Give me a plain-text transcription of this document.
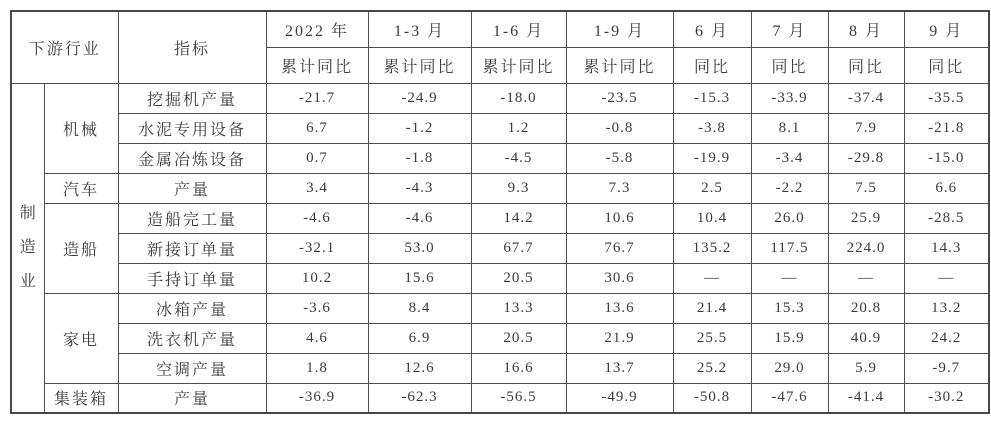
下游行业		指标	2022 年	1-3 月	1-6 月	1-9 月	6 月	7 月	8 月	9 月
			累计同比	累计同比	累计同比	累计同比	同比	同比	同比	同比
制造业	机械	挖掘机产量	-21.7	-24.9	-18.0	-23.5	-15.3	-33.9	-37.4	-35.5
		水泥专用设备	6.7	-1.2	1.2	-0.8	-3.8	8.1	7.9	-21.8
		金属冶炼设备	0.7	-1.8	-4.5	-5.8	-19.9	-3.4	-29.8	-15.0
	汽车	产量	3.4	-4.3	9.3	7.3	2.5	-2.2	7.5	6.6
	造船	造船完工量	-4.6	-4.6	14.2	10.6	10.4	26.0	25.9	-28.5
		新接订单量	-32.1	53.0	67.7	76.7	135.2	117.5	224.0	14.3
		手持订单量	10.2	15.6	20.5	30.6	—	—	—	—
	家电	冰箱产量	-3.6	8.4	13.3	13.6	21.4	15.3	20.8	13.2
		洗衣机产量	4.6	6.9	20.5	21.9	25.5	15.9	40.9	24.2
		空调产量	1.8	12.6	16.6	13.7	25.2	29.0	5.9	-9.7
	集装箱	产量	-36.9	-62.3	-56.5	-49.9	-50.8	-47.6	-41.4	-30.2
